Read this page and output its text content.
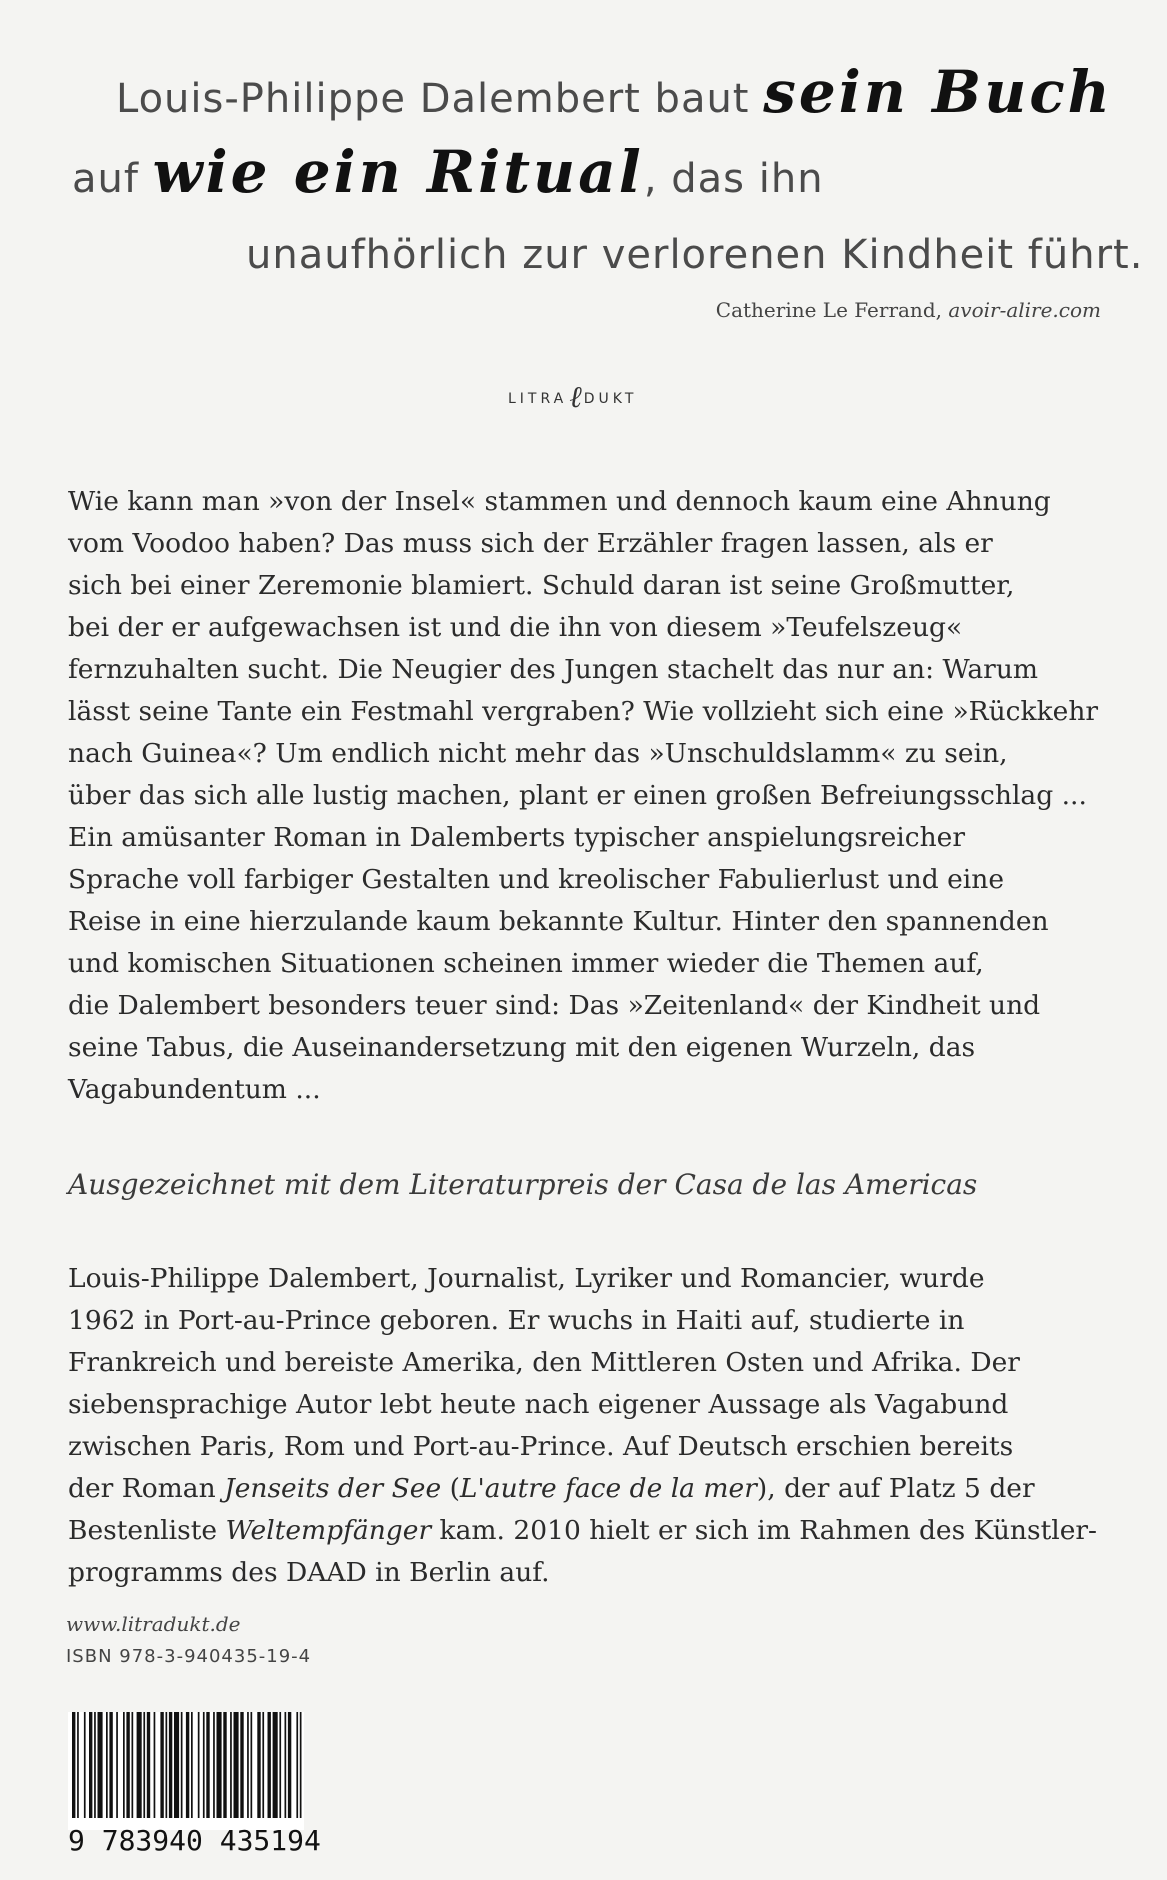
Louis-Philippe Dalembert baut sein Buch
auf wie ein Ritual, das ihn
unaufhörlich zur verlorenen Kindheit führt.
Catherine Le Ferrand, avoir-alire.com
LITRAℓ DUKT
Wie kann man »von der Insel« stammen und dennoch kaum eine Ahnung
vom Voodoo haben? Das muss sich der Erzähler fragen lassen, als er
sich bei einer Zeremonie blamiert. Schuld daran ist seine Großmutter,
bei der er aufgewachsen ist und die ihn von diesem »Teufelszeug«
fernzuhalten sucht. Die Neugier des Jungen stachelt das nur an: Warum
lässt seine Tante ein Festmahl vergraben? Wie vollzieht sich eine »Rückkehr
nach Guinea«? Um endlich nicht mehr das »Unschuldslamm« zu sein,
über das sich alle lustig machen, plant er einen großen Befreiungsschlag ...
Ein amüsanter Roman in Dalemberts typischer anspielungsreicher
Sprache voll farbiger Gestalten und kreolischer Fabulierlust und eine
Reise in eine hierzulande kaum bekannte Kultur. Hinter den spannenden
und komischen Situationen scheinen immer wieder die Themen auf,
die Dalembert besonders teuer sind: Das »Zeitenland« der Kindheit und
seine Tabus, die Auseinandersetzung mit den eigenen Wurzeln, das
Vagabundentum ...
Ausgezeichnet mit dem Literaturpreis der Casa de las Americas
Louis-Philippe Dalembert, Journalist, Lyriker und Romancier, wurde
1962 in Port-au-Prince geboren. Er wuchs in Haiti auf, studierte in
Frankreich und bereiste Amerika, den Mittleren Osten und Afrika. Der
siebensprachige Autor lebt heute nach eigener Aussage als Vagabund
zwischen Paris, Rom und Port-au-Prince. Auf Deutsch erschien bereits
der Roman Jenseits der See (L'autre face de la mer), der auf Platz 5 der
Bestenliste Weltempfänger kam. 2010 hielt er sich im Rahmen des Künstler-
programms des DAAD in Berlin auf.
www.litradukt.de
ISBN 978-3-940435-19-4
9 783940 435194
